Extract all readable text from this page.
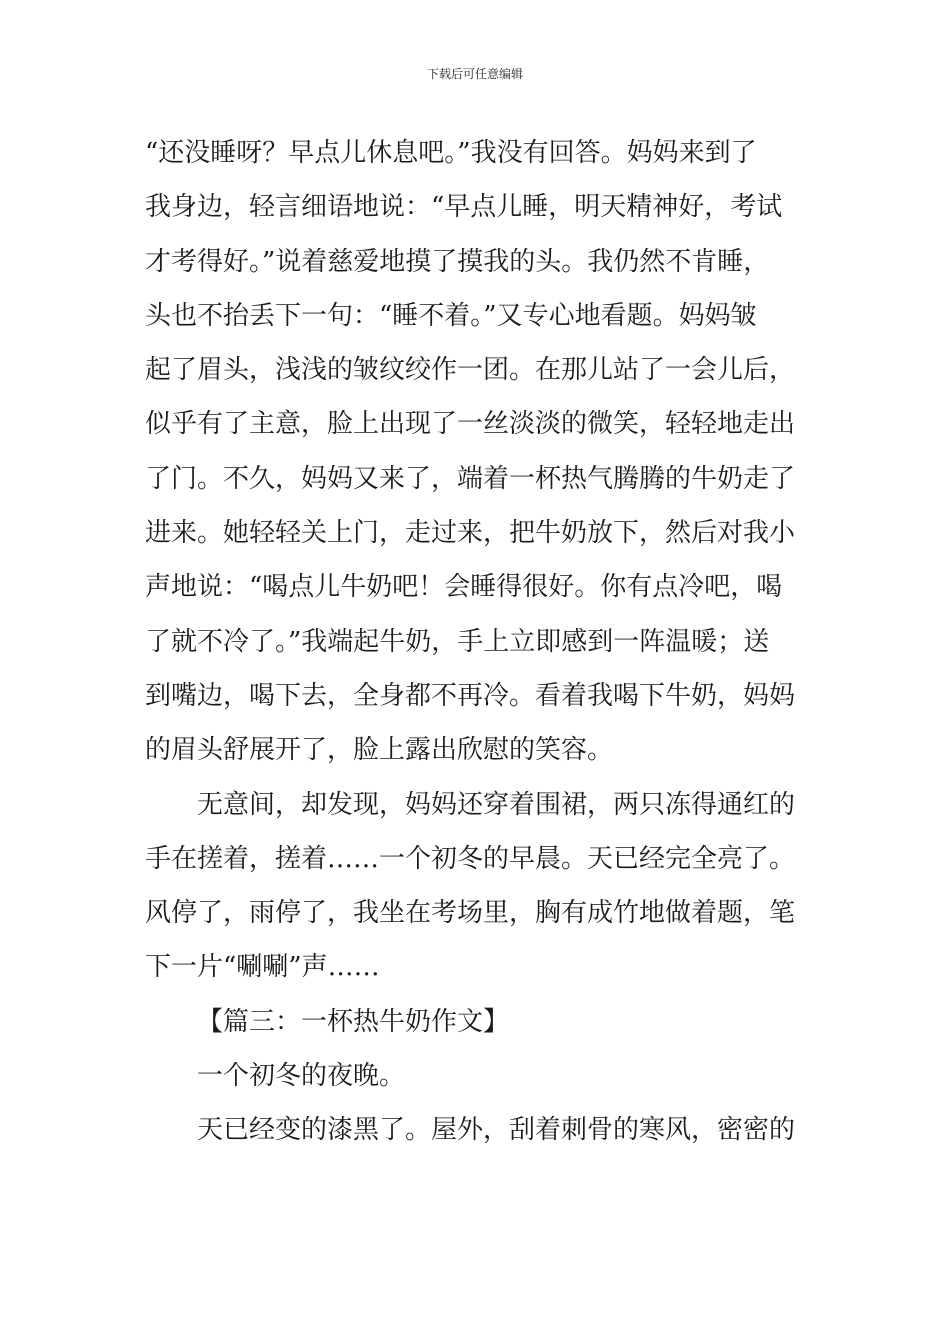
下载后可任意编辑
“还没睡呀？早点儿休息吧。”我没有回答。妈妈来到了
我身边，轻言细语地说：“早点儿睡，明天精神好，考试
才考得好。”说着慈爱地摸了摸我的头。我仍然不肯睡，
头也不抬丢下一句：“睡不着。”又专心地看题。妈妈皱
起了眉头，浅浅的皱纹绞作一团。在那儿站了一会儿后，
似乎有了主意，脸上出现了一丝淡淡的微笑，轻轻地走出
了门。不久，妈妈又来了，端着一杯热气腾腾的牛奶走了
进来。她轻轻关上门，走过来，把牛奶放下，然后对我小
声地说：“喝点儿牛奶吧！会睡得很好。你有点冷吧，喝
了就不冷了。”我端起牛奶，手上立即感到一阵温暖；送
到嘴边，喝下去，全身都不再冷。看着我喝下牛奶，妈妈
的眉头舒展开了，脸上露出欣慰的笑容。
无意间，却发现，妈妈还穿着围裙，两只冻得通红的
手在搓着，搓着……一个初冬的早晨。天已经完全亮了。
风停了，雨停了，我坐在考场里，胸有成竹地做着题，笔
下一片“唰唰”声……
【篇三：一杯热牛奶作文】
一个初冬的夜晚。
天已经变的漆黑了。屋外，刮着刺骨的寒风，密密的
